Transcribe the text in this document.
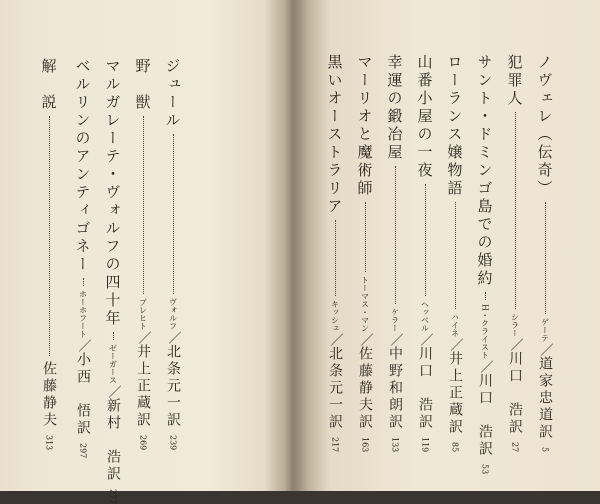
ノヴェレ（伝奇）
ゲーテ
／
道家忠道訳
5
犯罪人
シラー
／
川口　浩訳
27
サント・ドミンゴ島での婚約
H・クライスト
／
川口　浩訳
53
ローランス嬢物語
ハイネ
／
井上正蔵訳
85
山番小屋の一夜
ヘッベル
／
川口　浩訳
119
幸運の鍛冶屋
ケラー
／
中野和朗訳
133
マーリオと魔術師
トーマス・マン
／
佐藤静夫訳
163
黒いオーストラリア
キッシュ
／
北条元一訳
217
ジュール
ヴォルフ
／
北条元一訳
239
野　獣
ブレヒト
／
井上正蔵訳
269
マルガレーテ・ヴォルフの四十年
ゼーガース
／
新村　浩訳
277
ベルリンのアンティゴネー
ホーホフート
／
小西　悟訳
297
解　説
佐藤静夫
313
